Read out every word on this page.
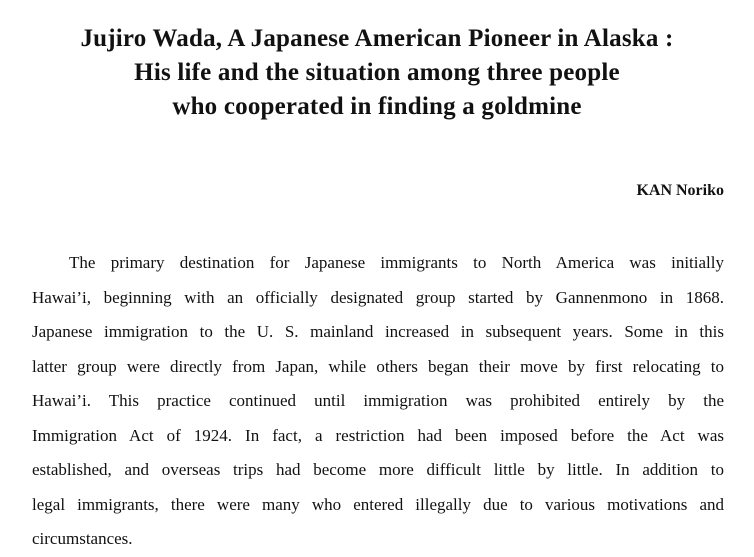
Jujiro Wada, A Japanese American Pioneer in Alaska :
His life and the situation among three people
who cooperated in finding a goldmine
KAN Noriko
The primary destination for Japanese immigrants to North America was initially
Hawai’i, beginning with an officially designated group started by Gannenmono in 1868.
Japanese immigration to the U. S. mainland increased in subsequent years. Some in this
latter group were directly from Japan, while others began their move by first relocating to
Hawai’i. This practice continued until immigration was prohibited entirely by the
Immigration Act of 1924. In fact, a restriction had been imposed before the Act was
established, and overseas trips had become more difficult little by little. In addition to
legal immigrants, there were many who entered illegally due to various motivations and
circumstances.
